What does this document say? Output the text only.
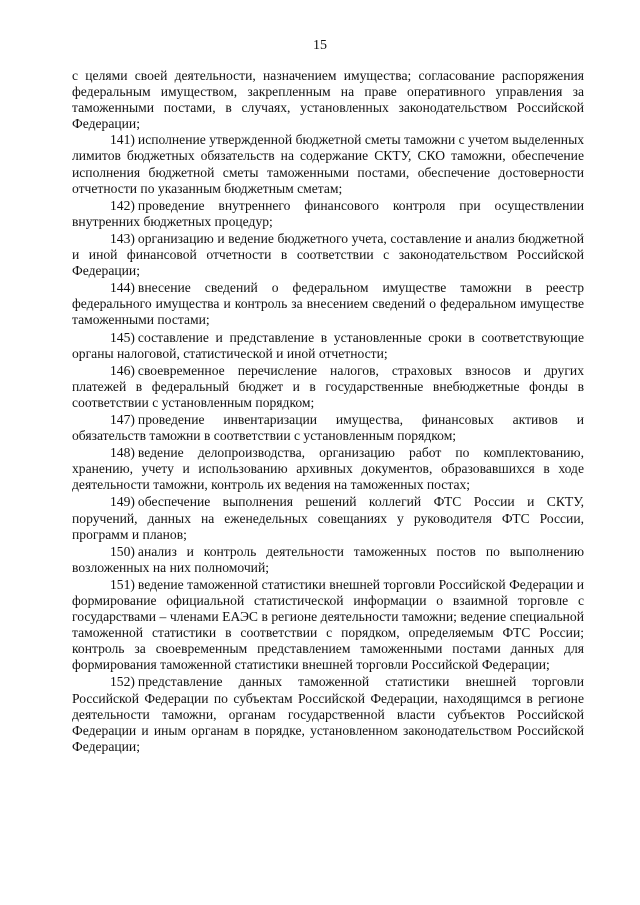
15

с целями своей деятельности, назначением имущества; согласование распоряжения федеральным имуществом, закрепленным на праве оперативного управления за таможенными постами, в случаях, установленных законодательством Российской Федерации;

141) исполнение утвержденной бюджетной сметы таможни с учетом выделенных лимитов бюджетных обязательств на содержание СКТУ, СКО таможни, обеспечение исполнения бюджетной сметы таможенными постами, обеспечение достоверности отчетности по указанным бюджетным сметам;

142) проведение внутреннего финансового контроля при осуществлении внутренних бюджетных процедур;

143) организацию и ведение бюджетного учета, составление и анализ бюджетной и иной финансовой отчетности в соответствии с законодательством Российской Федерации;

144) внесение сведений о федеральном имуществе таможни в реестр федерального имущества и контроль за внесением сведений о федеральном имуществе таможенными постами;

145) составление и представление в установленные сроки в соответствующие органы налоговой, статистической и иной отчетности;

146) своевременное перечисление налогов, страховых взносов и других платежей в федеральный бюджет и в государственные внебюджетные фонды в соответствии с установленным порядком;

147) проведение инвентаризации имущества, финансовых активов и обязательств таможни в соответствии с установленным порядком;

148) ведение делопроизводства, организацию работ по комплектованию, хранению, учету и использованию архивных документов, образовавшихся в ходе деятельности таможни, контроль их ведения на таможенных постах;

149) обеспечение выполнения решений коллегий ФТС России и СКТУ, поручений, данных на еженедельных совещаниях у руководителя ФТС России, программ и планов;

150) анализ и контроль деятельности таможенных постов по выполнению возложенных на них полномочий;

151) ведение таможенной статистики внешней торговли Российской Федерации и формирование официальной статистической информации о взаимной торговле с государствами – членами ЕАЭС в регионе деятельности таможни; ведение специальной таможенной статистики в соответствии с порядком, определяемым ФТС России; контроль за своевременным представлением таможенными постами данных для формирования таможенной статистики внешней торговли Российской Федерации;

152) представление данных таможенной статистики внешней торговли Российской Федерации по субъектам Российской Федерации, находящимся в регионе деятельности таможни, органам государственной власти субъектов Российской Федерации и иным органам в порядке, установленном законодательством Российской Федерации;
